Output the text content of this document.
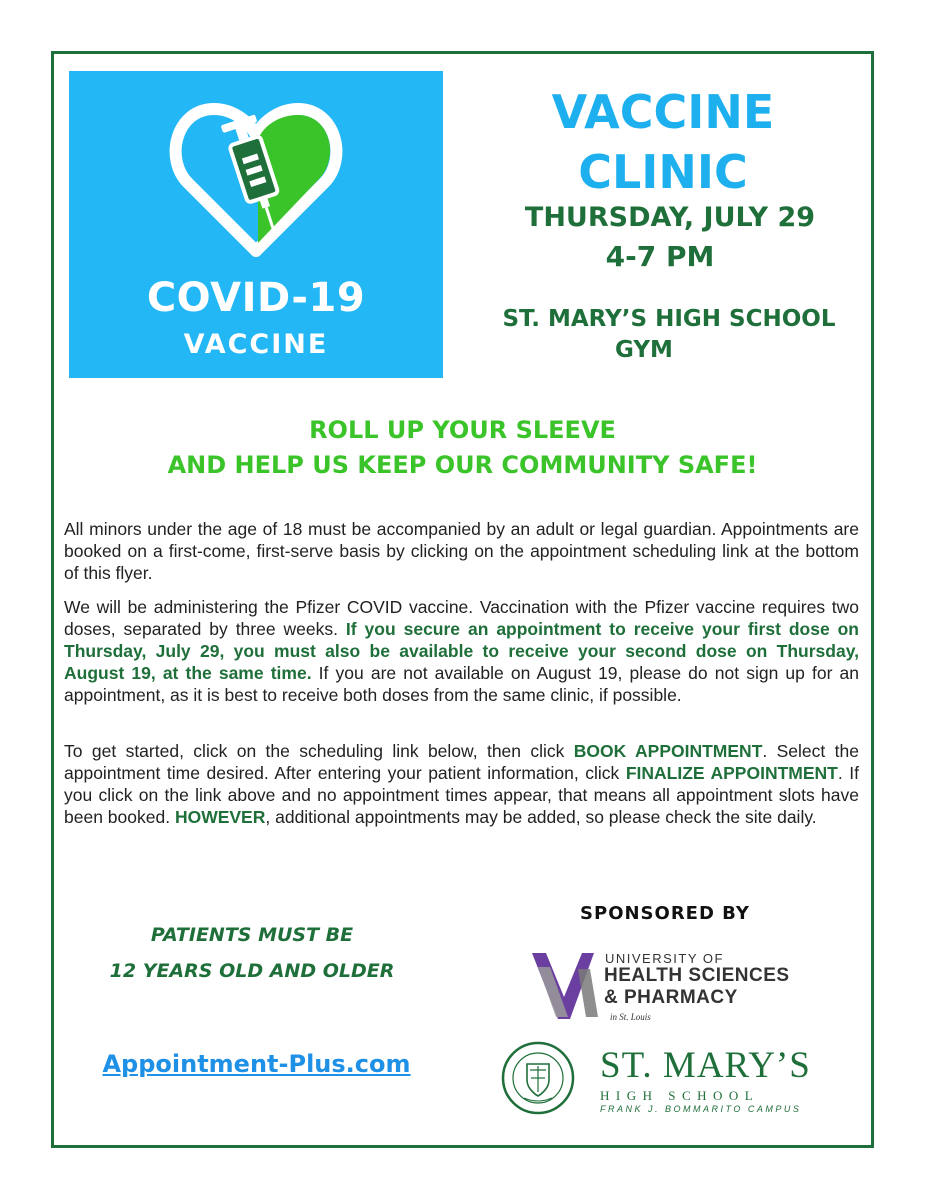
COVID-19
VACCINE
VACCINE
CLINIC
THURSDAY, JULY 29
4-7 PM
ST. MARY’S HIGH SCHOOL
GYM
ROLL UP YOUR SLEEVE
AND HELP US KEEP OUR COMMUNITY SAFE!

All minors under the age of 18 must be accompanied by an adult or legal guardian. Appointments are booked on a first-come, first-serve basis by clicking on the appointment scheduling link at the bottom of this flyer.

We will be administering the Pfizer COVID vaccine. Vaccination with the Pfizer vaccine requires two doses, separated by three weeks. If you secure an appointment to receive your first dose on Thursday, July 29, you must also be available to receive your second dose on Thursday, August 19, at the same time. If you are not available on August 19, please do not sign up for an appointment, as it is best to receive both doses from the same clinic, if possible.

To get started, click on the scheduling link below, then click BOOK APPOINTMENT. Select the appointment time desired. After entering your patient information, click FINALIZE APPOINTMENT. If you click on the link above and no appointment times appear, that means all appointment slots have been booked. HOWEVER, additional appointments may be added, so please check the site daily.

PATIENTS MUST BE
12 YEARS OLD AND OLDER
Appointment-Plus.com
SPONSORED BY
UNIVERSITY OF
HEALTH SCIENCES
& PHARMACY
in St. Louis
ST. MARY’S
HIGH SCHOOL
FRANK J. BOMMARITO CAMPUS
